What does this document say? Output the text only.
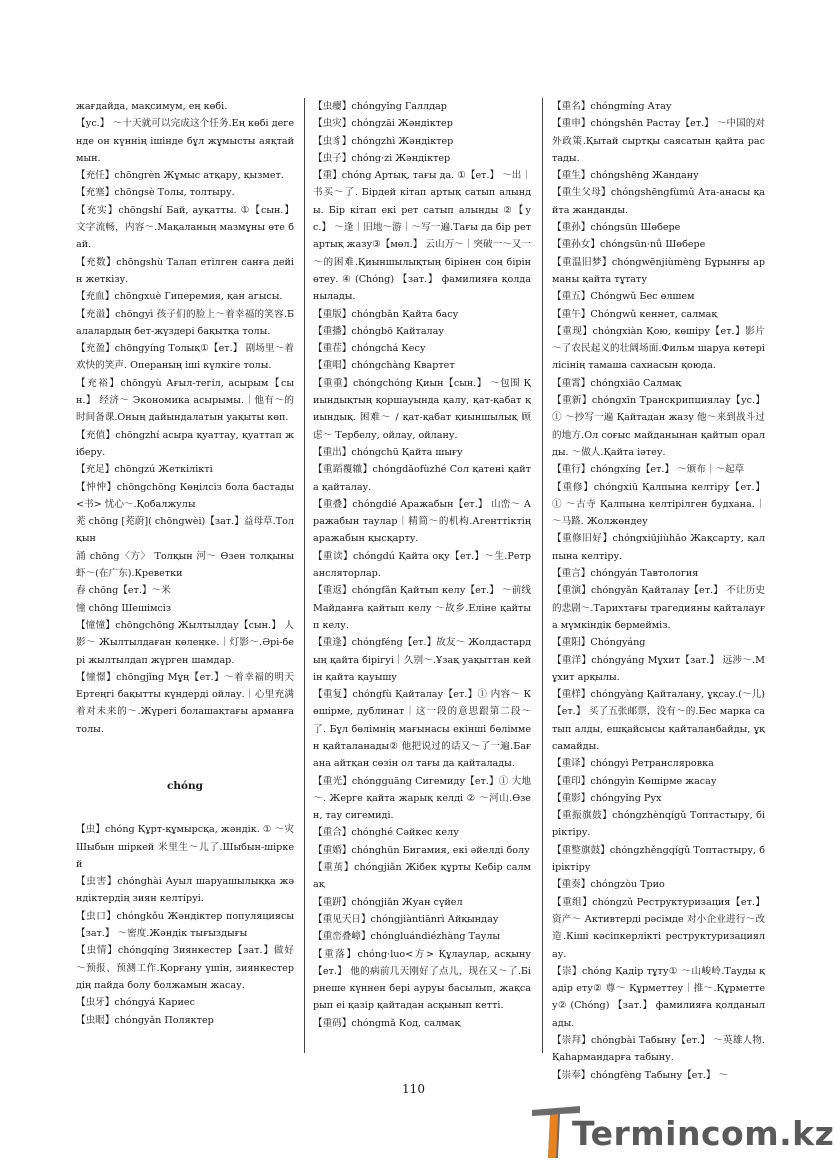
жағдайда, мақсимум, ең көбі.

【ус.】 ～十天就可以完成这个任务.Ең көбі дегенде он күннің ішінде бұл жұмысты аяқтаймын.

【充任】chōngrèn Жұмыс атқару, қызмет.

【充塞】chōngsè Толы, толтыру.

【充实】chōngshí Бай, ауқатты. ①【сын.】 文字流畅，内容～.Мақаланың мазмұны өте бай.

【充数】chōngshù Талап етілген санға дейін жеткізу.

【充血】chōngxuè Гиперемия, қан агысы.

【充溢】chōngyì 孩子们的脸上～着幸福的笑容.Балалардың бет-жүздері бақытқа толы.

【充盈】chōngyíng Толық①【ет.】 剧场里～着欢快的笑声. Операның іші күлкіге толы.

【充裕】chōngyù Ағыл-тегіл, асырым【сын.】 经济～ Экономика асырымы.｜他有～的时间备课.Оның дайындалатын уақыты көп.

【充值】chōngzhí асыра қуаттау, қуаттап жіберу.

【充足】chōngzú Жеткілікті

【忡忡】chōngchōng Көңілсіз бола бастады<书> 忧心～.Қобалжулы

茺 chōng [茺蔚]( chōngwèi)【зат.】益母草.Толқын

涌 chōng〈方〉 Толқын 河～ Өзен толқыны 虾～(在广东).Креветки

舂 chōng【ет.】～米

憧 chōng Шешімсіз

【憧憧】chōngchōng Жылтылдау【сын.】 人影～ Жылтылдаған көлеңке.｜灯影～.Әрі-бері жылтылдап жүрген шамдар.

【憧憬】chōngjǐng Мұң【ет.】～着幸福的明天 Ертеңгі бақытты күндерді ойлау.｜心里充满着对未来的～.Жүрегі болашақтағы арманға толы.

chóng

【虫】chóng Құрт-құмырсқа, жәндік. ① ～灾 Шыбын шіркей 米里生～儿了.Шыбын-шіркей

【虫害】chónghài Ауыл шаруашылыққа жәндіктердің зиян келтіруі.

【虫口】chóngkǒu Жәндіктер популяциясы【зат.】 ～密度.Жәндік тығыздығы

【虫情】chóngqíng Зиянкестер【зат.】做好～预报、预测工作.Қорғану үшін, зиянкестердің пайда болу болжамын жасау.

【虫牙】chóngyá Кариес

【虫眼】chóngyǎn Поляктер

【虫瘿】chóngyǐng Галлдар

【虫灾】chóngzāi Жәндіктер

【虫豸】chóngzhì Жәндіктер

【虫子】chóng·zi Жәндіктер

【重】chóng Артық, тағы да. ①【ет.】 ～出｜书买～了. Бірдей кітап артық сатып алынды. Бір кітап екі рет сатып алынды ②【ус.】 ～逢｜旧地～游｜～写一遍.Тағы да бір рет артық жазу③【мөл.】 云山万～｜突破一～又一～的困难.Қиыншылықтың бірінен соң бірін өтеу. ④ (Chóng) 【зат.】 фамилияға қолданылады.

【重版】chóngbǎn Қайта басу

【重播】chóngbō Қайталау

【重茬】chóngchá Кесу

【重唱】chóngchàng Квартет

【重重】chóngchóng Қиын【сын.】 ～包围 Қиындықтың қоршауында қалу, қат-қабат қиындық. 困难～ / қат-қабат қиыншылық 顾虑～ Тербелу, ойлау, ойлану.

【重出】chóngchū Қайта шығу

【重蹈覆辙】chóngdǎofùzhé Сол қатені қайта қайталау.

【重叠】chóngdié Аражабын【ет.】 山峦～ Аражабын таулар｜精简～的机构.Агенттіктің аражабын қысқарту.

【重读】chóngdú Қайта оқу【ет.】～生.Ретрансляторлар.

【重返】chóngfǎn Қайтып келу【ет.】 ～前线 Майданға қайтып келу ～故乡.Еліне қайтып келу.

【重逢】chóngféng【ет.】故友～ Жолдастардың қайта бірігуі｜久别～.Ұзақ уақыттан кейін қайта қауышу

【重复】chóngfù Қайталау【ет.】① 内容～ Көшірме, дублинат｜这一段的意思跟第二段～了. Бұл бөлімнің мағынасы екінші бөліммен қайталанады② 他把说过的话又～了一遍.Бағана айтқан сөзін ол тағы да қайталады.

【重光】chóngguāng Сигемиду【ет.】① 大地～. Жерге қайта жарық келді ② ～河山.Өзен, тау сигемиді.

【重合】chónghé Сәйкес келу

【重婚】chónghūn Бигамия, екі әйелді болу

【重茧】chóngjiǎn Жібек құрты Кебір салмақ

【重趼】chóngjiǎn Жуан сүйел

【重见天日】chóngjiàntiānrì Айқындау

【重峦叠嶂】chóngluándiézhàng Таулы

【重落】chóng·luo<方> Құлаулар, асқыну【ет.】 他的病前几天刚好了点儿，现在又～了.Бірнеше күннен бері ауруы басылып, жақсарып еі қазір қайтадан асқынып кетті.

【重码】chóngmǎ Код, салмақ

【重名】chóngmíng Атау

【重申】chóngshēn Растау【ет.】 ～中国的对外政策.Қытай сыртқы саясатын қайта растады.

【重生】chóngshēng Жандану

【重生父母】chóngshēngfùmǔ Ата-анасы қайта жанданды.

【重孙】chóngsūn Шөбере

【重孙女】chóngsūn·nǚ Шөбере

【重温旧梦】chóngwēnjiùmèng Бұрынғы арманы қайта тұтату

【重五】Chóngwǔ Бес өлшем

【重午】Chóngwǔ кеннет, салмақ

【重现】chóngxiàn Қою, көшіру【ет.】影片～了农民起义的壮阔场面.Фильм шаруа көтерілісінің тамаша сахнасын қоюда.

【重霄】chóngxiāo Салмақ

【重新】chóngxīn Транскрипциялау【ус.】① ～抄写一遍 Қайтадан жазу 他～来到战斗过的地方.Ол соғыс майданынан қайтып оралды. ～做人.Қайта іәтеу.

【重行】chóngxíng【ет.】 ～颁布｜～起草

【重修】chóngxiū Қалпына келтіру【ет.】① ～古寺 Қалпына келтірілген будхана.｜～马路. Жолжөндеу

【重修旧好】chóngxiūjiùhǎo Жақсарту, қалпына келтіру.

【重言】chóngyán Тавтология

【重演】chóngyǎn Қайталау【ет.】 不让历史的悲剧～.Тарихтағы трагедияны қайталауға мүмкіндік бермейміз.

【重阳】Chóngyáng

【重洋】chóngyáng Мұхит【зат.】 远涉～.Мұхит арқылы.

【重样】chóngyàng Қайталану, ұқсау.(～儿)【ет.】 买了五张邮票，没有～的.Бес марка сатып алды, ешқайсысы қайталанбайды, ұқсамайды.

【重译】chóngyì Ретрансляровка

【重印】chóngyìn Көшірме жасау

【重影】chóngyǐng Рух

【重振旗鼓】chóngzhènqígǔ Топтастыру, біріктіру.

【重整旗鼓】chóngzhěngqígǔ Топтастыру, біріктіру

【重奏】chóngzòu Трио

【重组】chóngzǔ Реструктуризация【ет.】资产～ Активтерді рәсімде 对小企业进行～改造.Кіші кәсіпкерлікті реструктуризациялау.

【崇】chóng Қадір тұту① ～山峻岭.Тауды қадір ету② 尊～ Құрметтеу｜推～.Құрметтеу② (Chóng) 【зат.】 фамилияға қолданылады.

【崇拜】chóngbài Табыну【ет.】 ～英雄人物.Қаһармандарға табыну.

【崇奉】chóngfèng Табыну【ет.】 ～

110
Termincom.kz
